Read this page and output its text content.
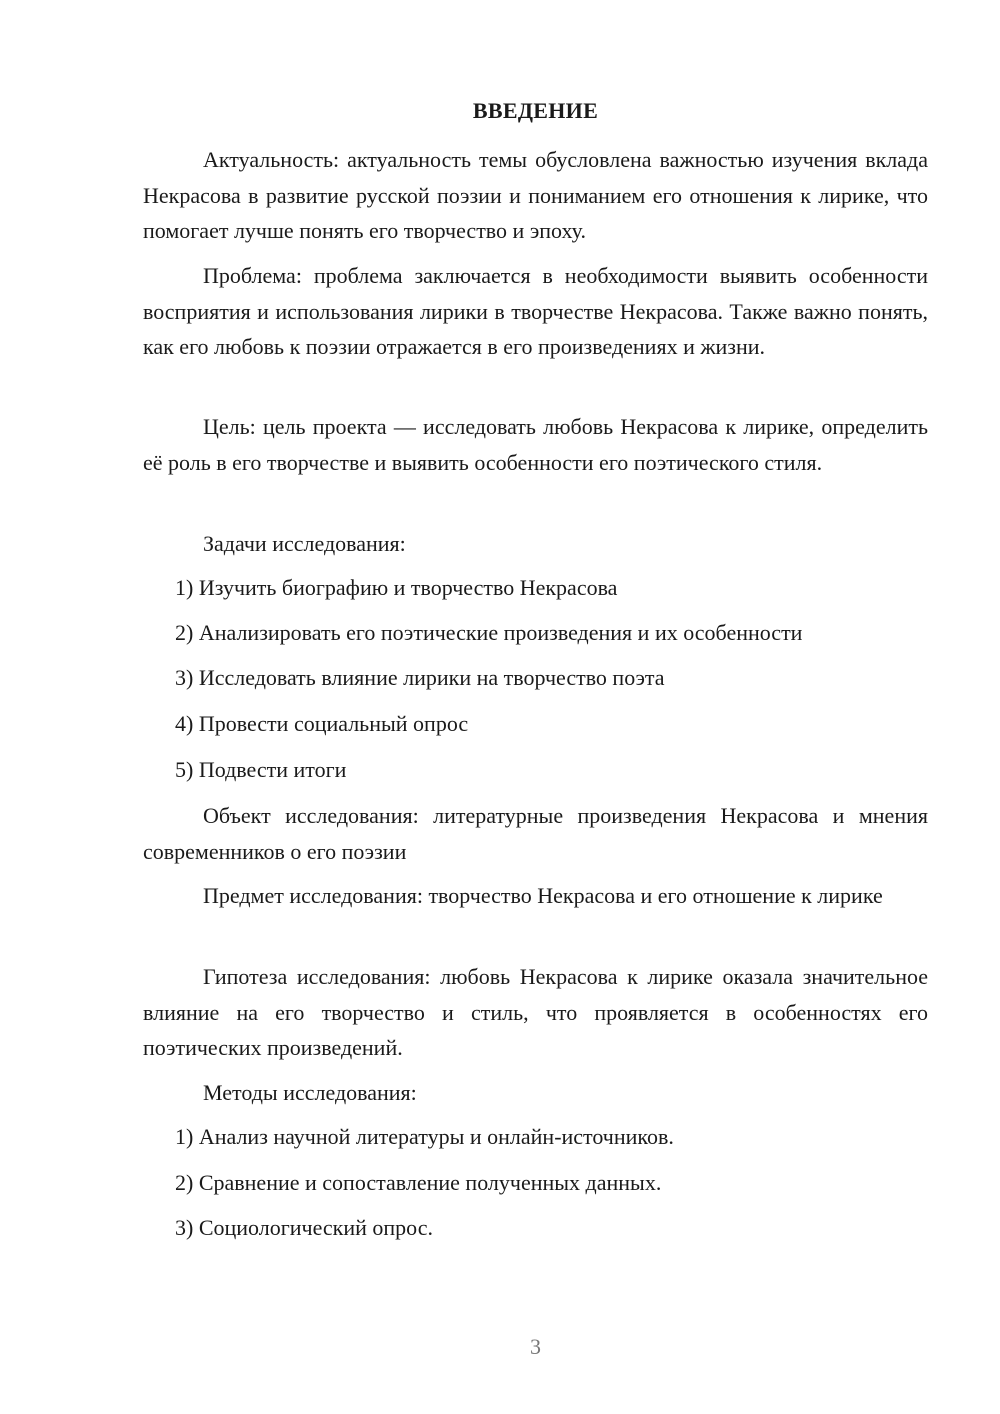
ВВЕДЕНИЕ

Актуальность: актуальность темы обусловлена важностью изучения вклада Некрасова в развитие русской поэзии и пониманием его отношения к лирике, что помогает лучше понять его творчество и эпоху.

Проблема: проблема заключается в необходимости выявить особенности восприятия и использования лирики в творчестве Некрасова. Также важно понять, как его любовь к поэзии отражается в его произведениях и жизни.

Цель: цель проекта — исследовать любовь Некрасова к лирике, определить её роль в его творчестве и выявить особенности его поэтического стиля.

Задачи исследования:

1) Изучить биографию и творчество Некрасова

2) Анализировать его поэтические произведения и их особенности

3) Исследовать влияние лирики на творчество поэта

4) Провести социальный опрос

5) Подвести итоги

Объект исследования: литературные произведения Некрасова и мнения современников о его поэзии

Предмет исследования: творчество Некрасова и его отношение к лирике

Гипотеза исследования: любовь Некрасова к лирике оказала значительное влияние на его творчество и стиль, что проявляется в особенностях его поэтических произведений.

Методы исследования:

1) Анализ научной литературы и онлайн-источников.

2) Сравнение и сопоставление полученных данных.

3) Социологический опрос.

3
